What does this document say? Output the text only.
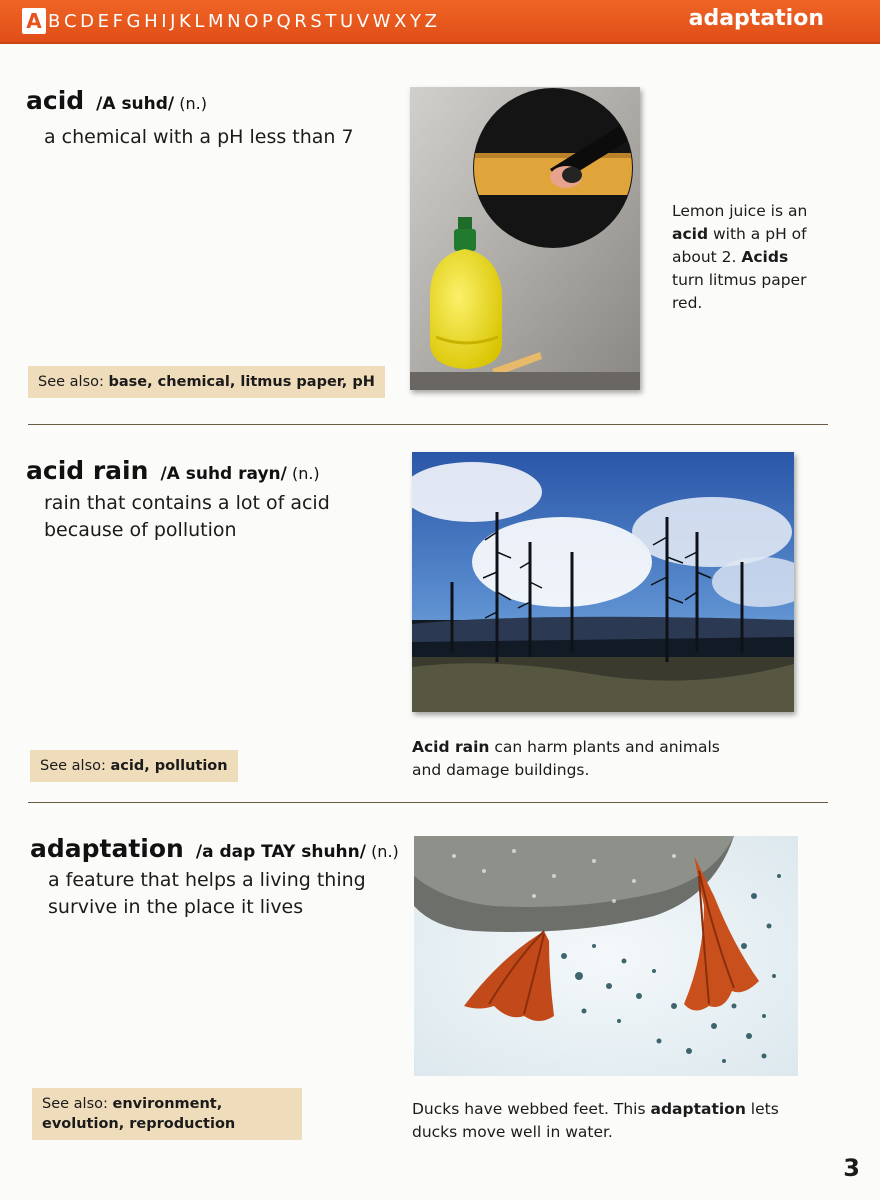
A B C D E F G H I J K L M N O P Q R S T U V W X Y Z	adaptation
acid /A suhd/ (n.)
a chemical with a pH less than 7
Lemon juice is an acid with a pH of about 2. Acids turn litmus paper red.
See also: base, chemical, litmus paper, pH
acid rain /A suhd rayn/ (n.)
rain that contains a lot of acid because of pollution
Acid rain can harm plants and animals and damage buildings.
See also: acid, pollution
adaptation /a dap TAY shuhn/ (n.)
a feature that helps a living thing survive in the place it lives
Ducks have webbed feet. This adaptation lets ducks move well in water.
See also: environment, evolution, reproduction
3
